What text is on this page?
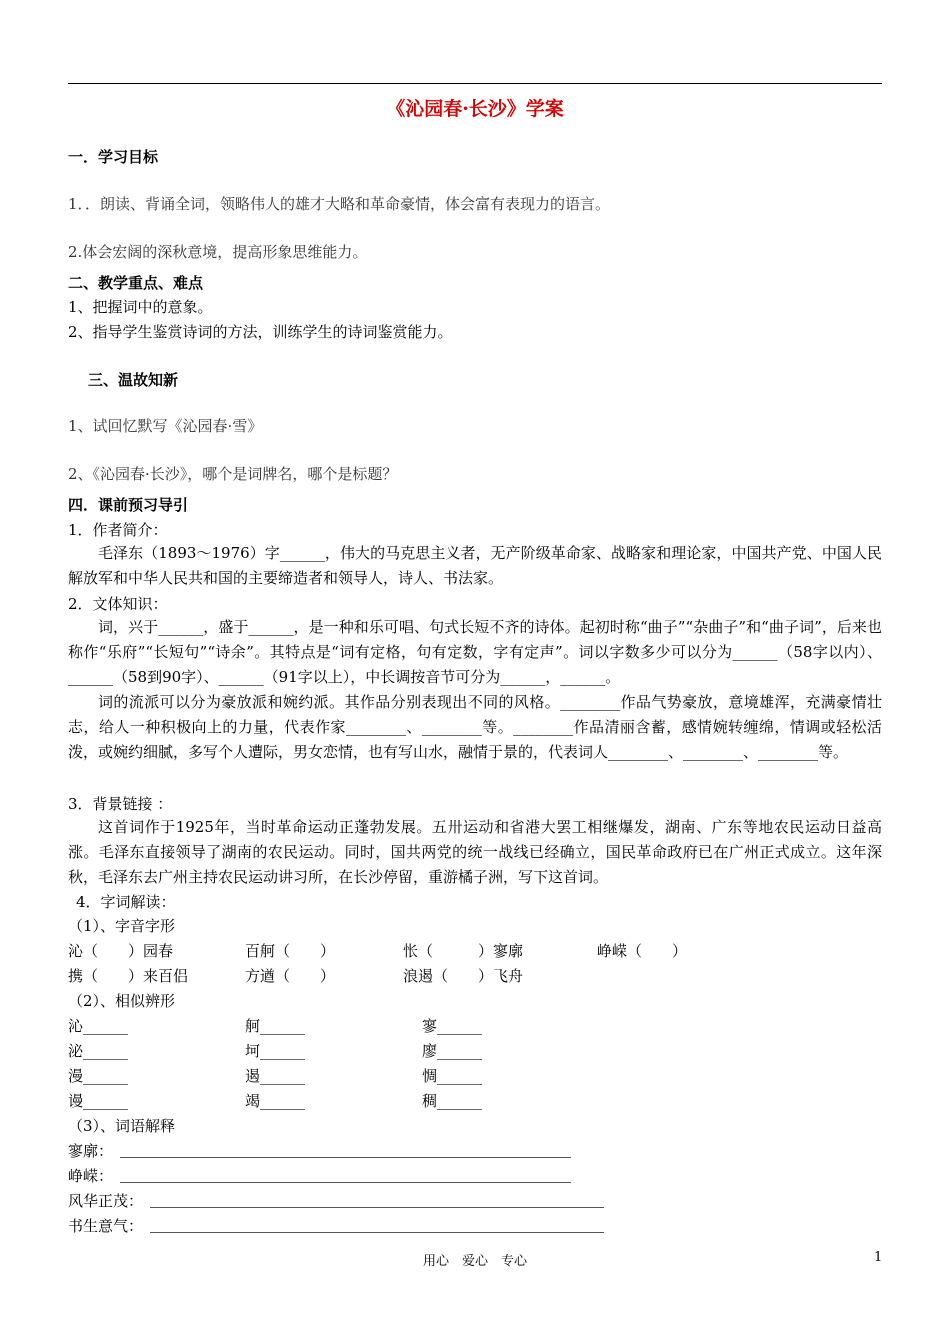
《沁园春·长沙》学案
一．学习目标
1．．朗读、背诵全词，领略伟人的雄才大略和革命豪情，体会富有表现力的语言。
2.体会宏阔的深秋意境，提高形象思维能力。
二、教学重点、难点
1、把握词中的意象。
2、指导学生鉴赏诗词的方法，训练学生的诗词鉴赏能力。
三、温故知新
1、试回忆默写《沁园春·雪》
2、《沁园春·长沙》，哪个是词牌名，哪个是标题？
四．课前预习导引
1．作者简介：

毛泽东（1893～1976）字______，伟大的马克思主义者，无产阶级革命家、战略家和理论家，中国共产党、中国人民解放军和中华人民共和国的主要缔造者和领导人，诗人、书法家。

2．文体知识：

词，兴于______，盛于______，是一种和乐可唱、句式长短不齐的诗体。起初时称“曲子”“杂曲子”和“曲子词”，后来也称作“乐府”“长短句”“诗余”。其特点是“词有定格，句有定数，字有定声”。词以字数多少可以分为______（58字以内）、______（58到90字）、______（91字以上），中长调按音节可分为______，______。

词的流派可以分为豪放派和婉约派。其作品分别表现出不同的风格。________作品气势豪放，意境雄浑，充满豪情壮志，给人一种积极向上的力量，代表作家________、________等。________作品清丽含蓄，感情婉转缠绵，情调或轻松活泼，或婉约细腻，多写个人遭际，男女恋情，也有写山水，融情于景的，代表词人________、________、________等。

3．背景链接 ：

这首词作于1925年，当时革命运动正蓬勃发展。五卅运动和省港大罢工相继爆发，湖南、广东等地农民运动日益高涨。毛泽东直接领导了湖南的农民运动。同时，国共两党的统一战线已经确立，国民革命政府已在广州正式成立。这年深秋，毛泽东去广州主持农民运动讲习所，在长沙停留，重游橘子洲，写下这首词。

4．字词解读：
（1）、字音字形
沁（　　）园春	百舸（　　）	怅（　　　）寥廓	峥嵘（　　）
携（　　）来百侣	方遒（　　）	浪遏（　　）飞舟
（2）、相似辨形
沁______	舸______	寥______
泌______	坷______	廖______
漫______	遏______	惆______
谩______	竭______	稠______
（3）、词语解释
寥廓：
峥嵘：
风华正茂：
书生意气：
用心　爱心　专心	1
